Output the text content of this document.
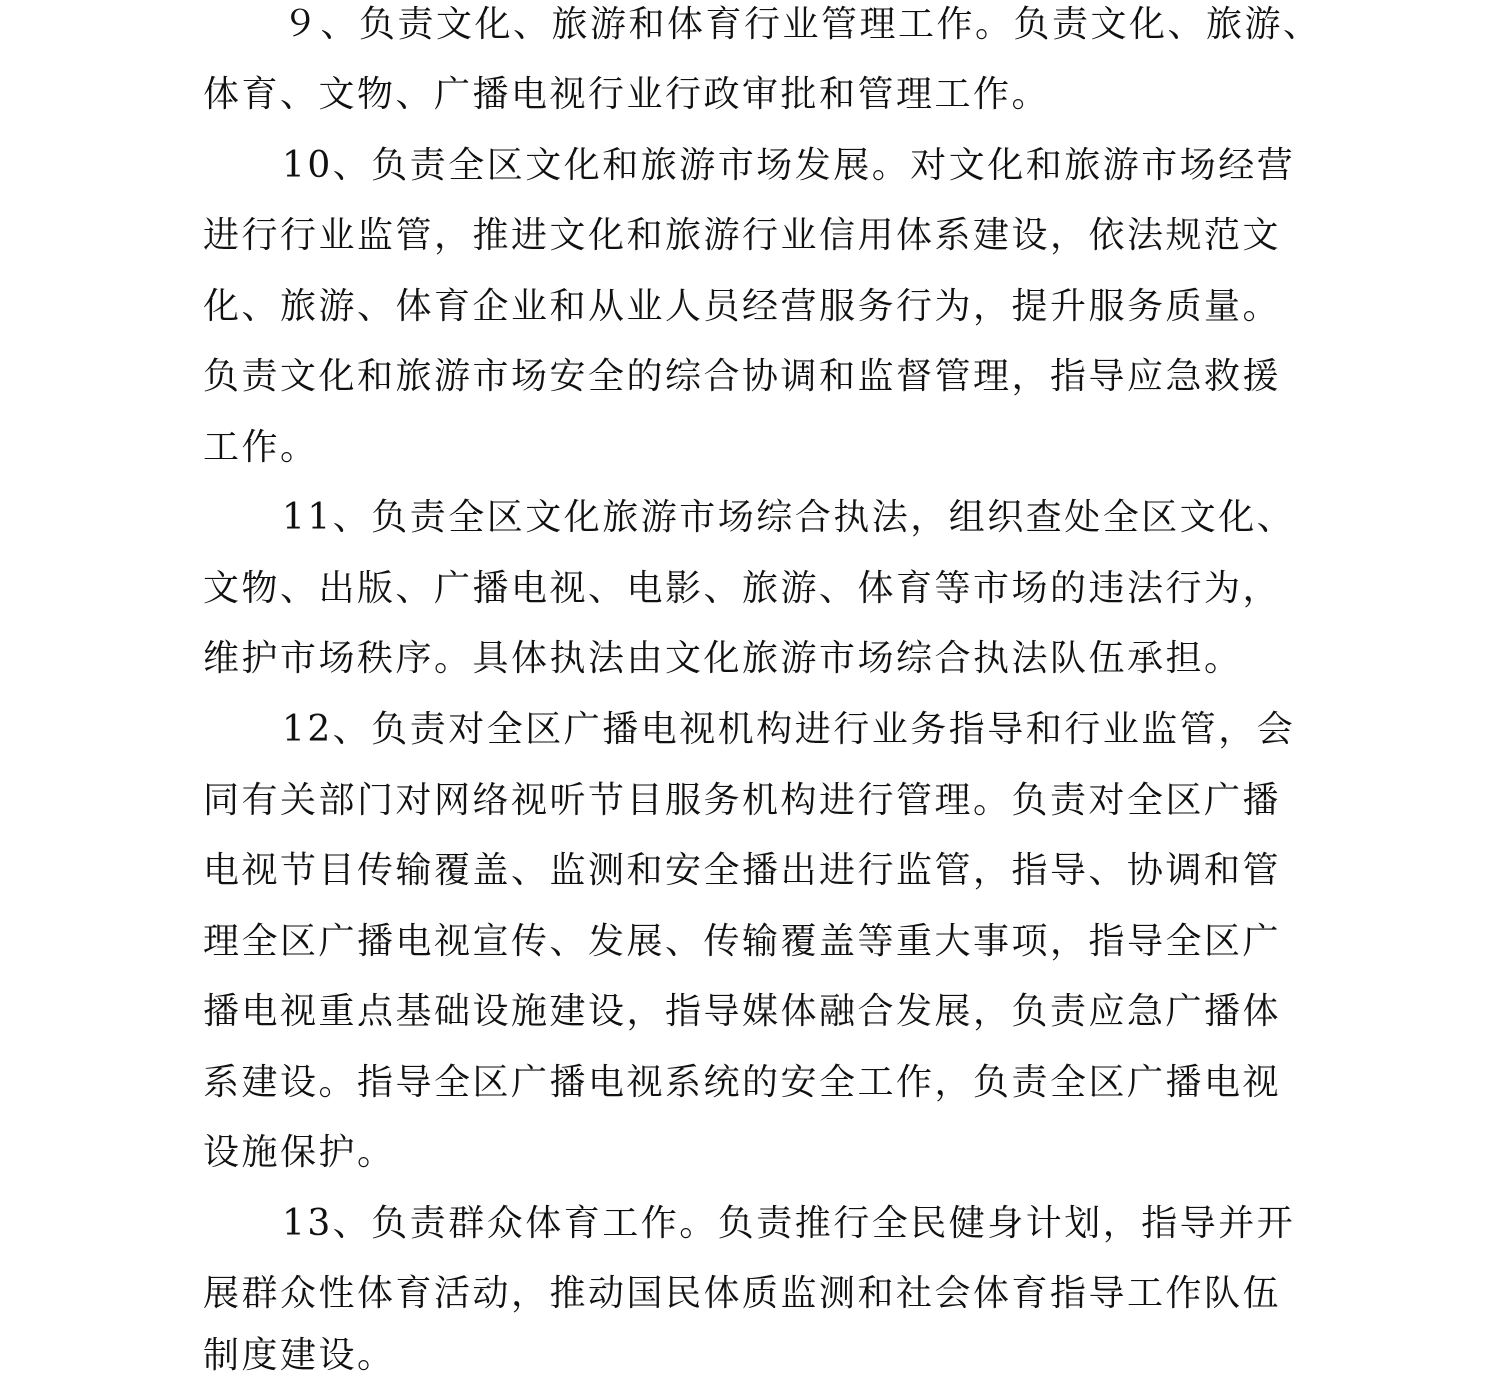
９、负责文化、旅游和体育行业管理工作。负责文化、旅游、

体育、文物、广播电视行业行政审批和管理工作。

10、负责全区文化和旅游市场发展。对文化和旅游市场经营

进行行业监管，推进文化和旅游行业信用体系建设，依法规范文

化、旅游、体育企业和从业人员经营服务行为，提升服务质量。

负责文化和旅游市场安全的综合协调和监督管理，指导应急救援

工作。

11、负责全区文化旅游市场综合执法，组织查处全区文化、

文物、出版、广播电视、电影、旅游、体育等市场的违法行为，

维护市场秩序。具体执法由文化旅游市场综合执法队伍承担。

12、负责对全区广播电视机构进行业务指导和行业监管，会

同有关部门对网络视听节目服务机构进行管理。负责对全区广播

电视节目传输覆盖、监测和安全播出进行监管，指导、协调和管

理全区广播电视宣传、发展、传输覆盖等重大事项，指导全区广

播电视重点基础设施建设，指导媒体融合发展，负责应急广播体

系建设。指导全区广播电视系统的安全工作，负责全区广播电视

设施保护。

13、负责群众体育工作。负责推行全民健身计划，指导并开

展群众性体育活动，推动国民体质监测和社会体育指导工作队伍

制度建设。
